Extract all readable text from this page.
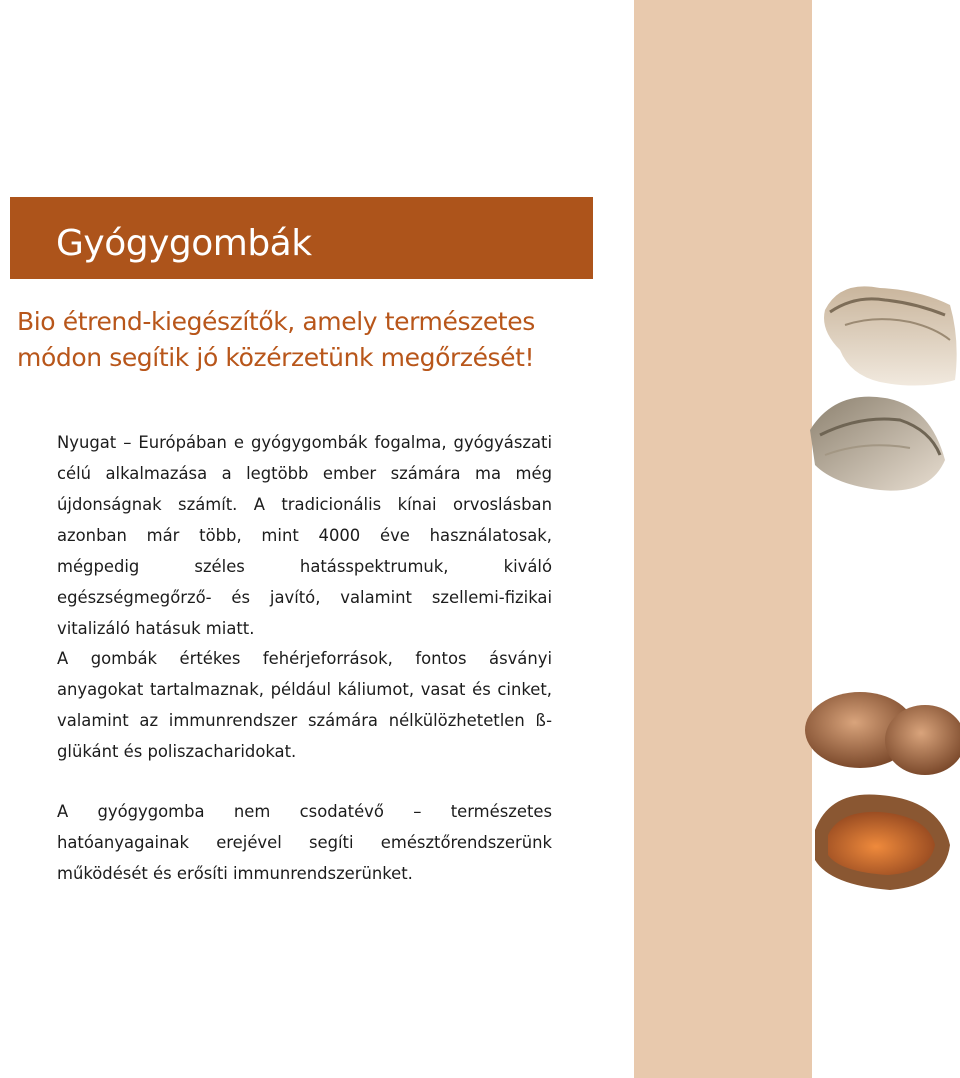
Gyógygombák
Bio étrend-kiegészítők, amely természetes
módon segítik jó közérzetünk megőrzését!

Nyugat – Európában e gyógygombák fogalma, gyógyászati célú alkalmazása a legtöbb ember számára ma még újdonságnak számít. A tradicionális kínai orvoslásban azonban már több, mint 4000 éve használatosak, mégpedig széles hatásspektrumuk, kiváló egészségmegőrző- és javító, valamint szellemi-fizikai vitalizáló hatásuk miatt.

A gombák értékes fehérjeforrások, fontos ásványi anyagokat tartalmaznak, például káliumot, vasat és cinket, valamint az immunrendszer számára nélkülözhetetlen ß- glükánt és poliszacharidokat.

A gyógygomba nem csodatévő – természetes hatóanyagainak erejével segíti emésztőrendszerünk működését és erősíti immunrendszerünket.
